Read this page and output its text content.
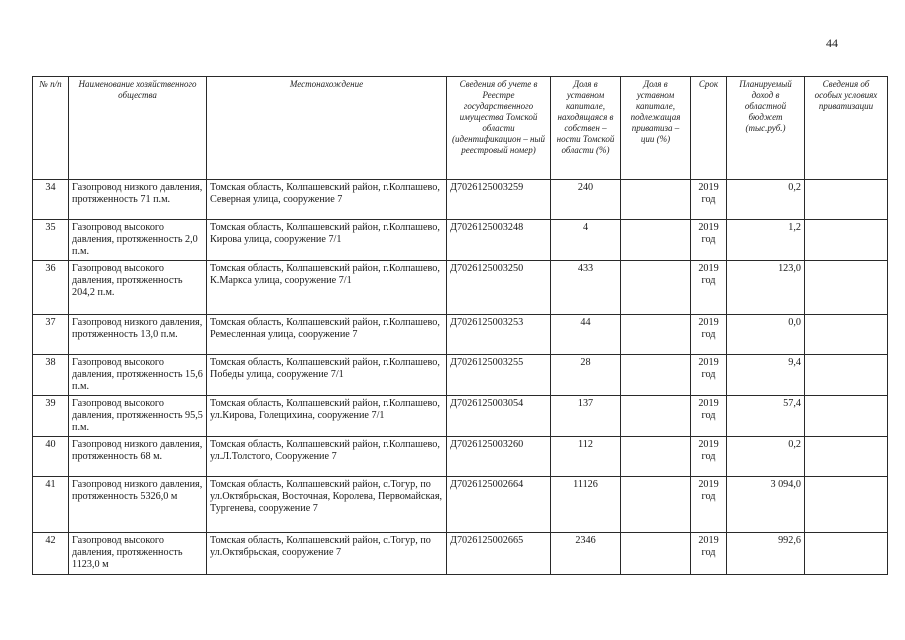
44
№ п/п	Наименование хозяйственного общества	Местонахождение	Сведения об учете в Реестре государственного имущества Томской области (идентификацион – ный реестровый номер)	Доля в уставном капитале, находящаяся в собствен – ности Томской области (%)	Доля в уставном капитале, подлежащая приватиза – ции (%)	Срок	Планируемый доход в областной бюджет (тыс.руб.)	Сведения об особых условиях приватизации
34	Газопровод низкого давления, протяженность 71 п.м.	Томская область, Колпашевский район, г.Колпашево, Северная улица, сооружение 7	Д7026125003259	240		2019 год	0,2	
35	Газопровод высокого давления, протяженность 2,0 п.м.	Томская область, Колпашевский район, г.Колпашево, Кирова улица, сооружение 7/1	Д7026125003248	4		2019 год	1,2	
36	Газопровод высокого давления, протяженность 204,2 п.м.	Томская область, Колпашевский район, г.Колпашево, К.Маркса улица, сооружение 7/1	Д7026125003250	433		2019 год	123,0	
37	Газопровод низкого давления, протяженность 13,0 п.м.	Томская область, Колпашевский район, г.Колпашево, Ремесленная улица, сооружение 7	Д7026125003253	44		2019 год	0,0	
38	Газопровод высокого давления, протяженность 15,6 п.м.	Томская область, Колпашевский район, г.Колпашево, Победы улица, сооружение 7/1	Д7026125003255	28		2019 год	9,4	
39	Газопровод высокого давления, протяженность 95,5 п.м.	Томская область, Колпашевский район, г.Колпашево, ул.Кирова, Голещихина, сооружение 7/1	Д7026125003054	137		2019 год	57,4	
40	Газопровод низкого давления, протяженность 68 м.	Томская область, Колпашевский район, г.Колпашево, ул.Л.Толстого, Сооружение 7	Д7026125003260	112		2019 год	0,2	
41	Газопровод низкого давления, протяженность 5326,0 м	Томская область, Колпашевский район, с.Тогур, по ул.Октябрьская, Восточная, Королева, Первомайская, Тургенева, сооружение 7	Д7026125002664	11126		2019 год	3 094,0	
42	Газопровод высокого давления, протяженность 1123,0 м	Томская область, Колпашевский район, с.Тогур, по ул.Октябрьская, сооружение 7	Д7026125002665	2346		2019 год	992,6	
